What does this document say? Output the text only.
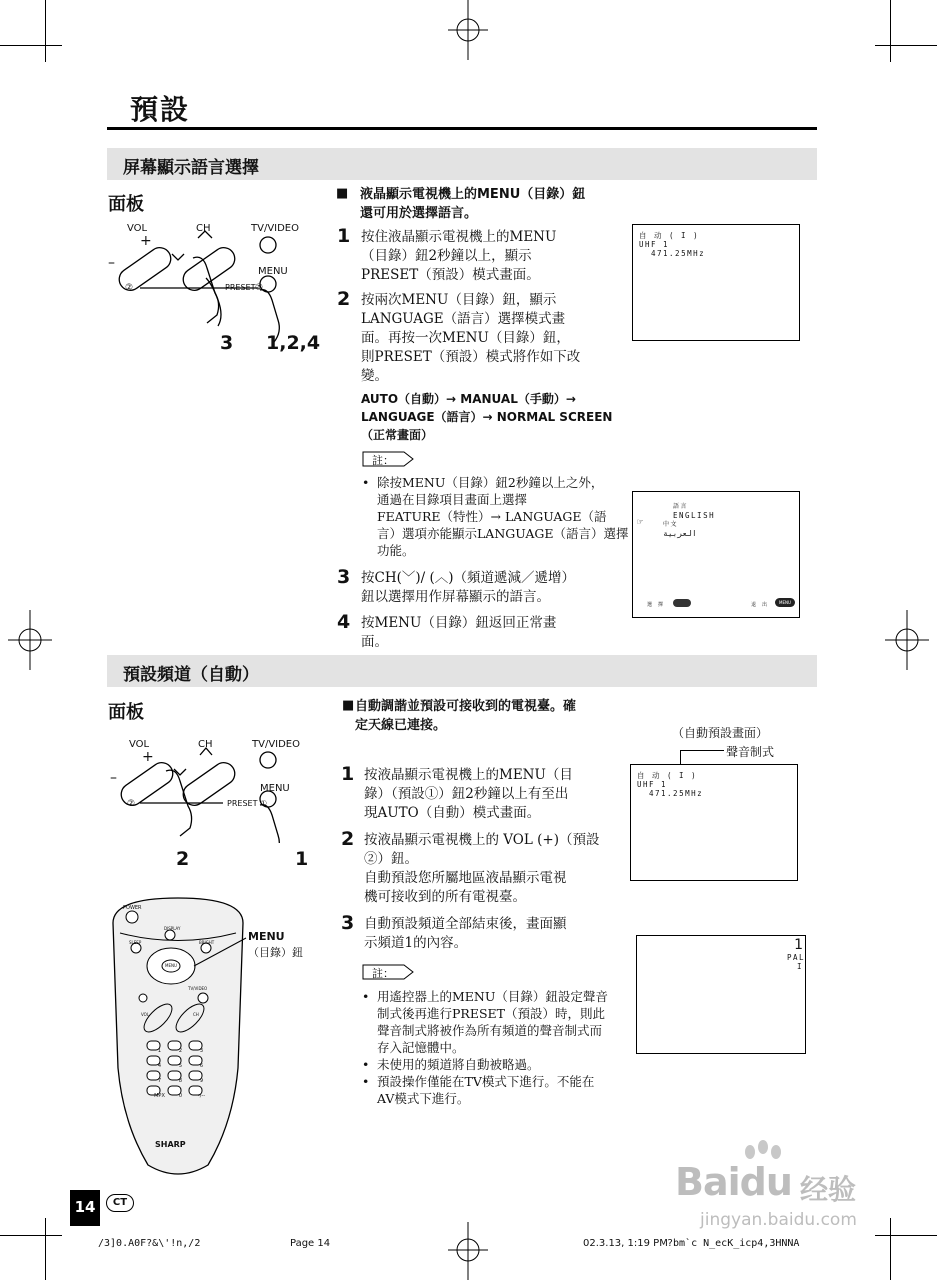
預設
屏幕顯示語言選擇
面板
VOL	CH	TV/VIDEO
MENU
+
–
②	PRESET ①
3 1,2,4
■ 液晶顯示電視機上的MENU（目錄）鈕
還可用於選擇語言。
1 按住液晶顯示電視機上的MENU
（目錄）鈕2秒鐘以上，顯示
PRESET（預設）模式畫面。
2 按兩次MENU（目錄）鈕，顯示
LANGUAGE（語言）選擇模式畫
面。再按一次MENU（目錄）鈕，
則PRESET（預設）模式將作如下改
變。
AUTO（自動）→ MANUAL（手動）→
LANGUAGE（語言）→ NORMAL SCREEN
（正常畫面）
註：
• 除按MENU（目錄）鈕2秒鐘以上之外，
通過在目錄項目畫面上選擇
FEATURE（特性）→ LANGUAGE（語
言）選項亦能顯示LANGUAGE（語言）選擇
功能。
3 按CH(﹀)/ (︿)（頻道遞減／遞增）
鈕以選擇用作屏幕顯示的語言。
4 按MENU（目錄）鈕返回正常畫
面。
自 动 ( I )
UHF 1
471.25MHz
語言
ENGLISH
中文
☞
العربية
選 擇	退 出	MENU
預設頻道（自動）
面板
VOL	CH	TV/VIDEO
MENU
+
–
②	PRESET ①
2	1
POWER
DISPLAY
SLEEP	BRIGHT
MENU
TV/VIDEO
VOL	CH
1	2	3
4	5	6
7	8	9
MPX	0	-/--
SHARP
MENU
（目錄）鈕
■ 自動調諧並預設可接收到的電視臺。確
定天線已連接。
1 按液晶顯示電視機上的MENU（目
錄）（預設①）鈕2秒鐘以上有至出
現AUTO（自動）模式畫面。
2 按液晶顯示電視機上的 VOL (+)（預設
②）鈕。
自動預設您所屬地區液晶顯示電視
機可接收到的所有電視臺。
3 自動預設頻道全部結束後，畫面顯
示頻道1的內容。
註：
•

•
•
用遙控器上的MENU（目錄）鈕設定聲音
制式後再進行PRESET（預設）時，則此
聲音制式將被作為所有頻道的聲音制式而
存入記憶體中。
未使用的頻道將自動被略過。
預設操作僅能在TV模式下進行。不能在
AV模式下進行。
（自動預設畫面）
聲音制式
自 动 ( I )
UHF 1
471.25MHz
1
PAL
I
14	CT
/3]0.A0F?&\'!n,/2	Page 14	02.3.13, 1:19 PM ?bm`c N_ecK_icp4,3HNNA
Baidu 经验
jingyan.baidu.com
